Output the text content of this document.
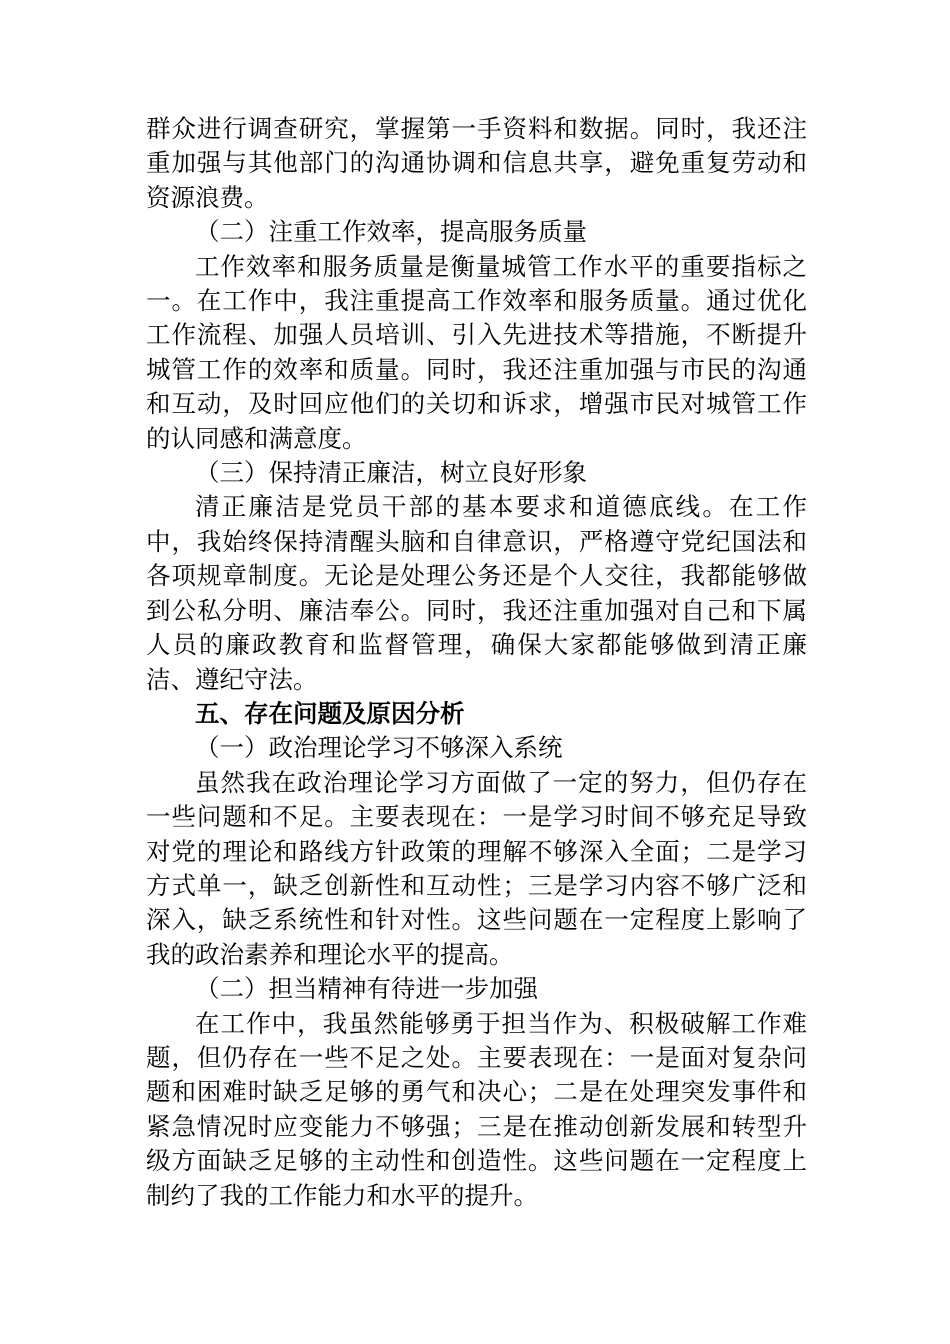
群众进行调查研究，掌握第一手资料和数据。同时，我还注重加强与其他部门的沟通协调和信息共享，避免重复劳动和资源浪费。

（二）注重工作效率，提高服务质量

工作效率和服务质量是衡量城管工作水平的重要指标之一。在工作中，我注重提高工作效率和服务质量。通过优化工作流程、加强人员培训、引入先进技术等措施，不断提升城管工作的效率和质量。同时，我还注重加强与市民的沟通和互动，及时回应他们的关切和诉求，增强市民对城管工作的认同感和满意度。

（三）保持清正廉洁，树立良好形象

清正廉洁是党员干部的基本要求和道德底线。在工作中，我始终保持清醒头脑和自律意识，严格遵守党纪国法和各项规章制度。无论是处理公务还是个人交往，我都能够做到公私分明、廉洁奉公。同时，我还注重加强对自己和下属人员的廉政教育和监督管理，确保大家都能够做到清正廉洁、遵纪守法。

五、存在问题及原因分析

（一）政治理论学习不够深入系统

虽然我在政治理论学习方面做了一定的努力，但仍存在一些问题和不足。主要表现在：一是学习时间不够充足导致对党的理论和路线方针政策的理解不够深入全面；二是学习方式单一，缺乏创新性和互动性；三是学习内容不够广泛和深入，缺乏系统性和针对性。这些问题在一定程度上影响了我的政治素养和理论水平的提高。

（二）担当精神有待进一步加强

在工作中，我虽然能够勇于担当作为、积极破解工作难题，但仍存在一些不足之处。主要表现在：一是面对复杂问题和困难时缺乏足够的勇气和决心；二是在处理突发事件和紧急情况时应变能力不够强；三是在推动创新发展和转型升级方面缺乏足够的主动性和创造性。这些问题在一定程度上制约了我的工作能力和水平的提升。
